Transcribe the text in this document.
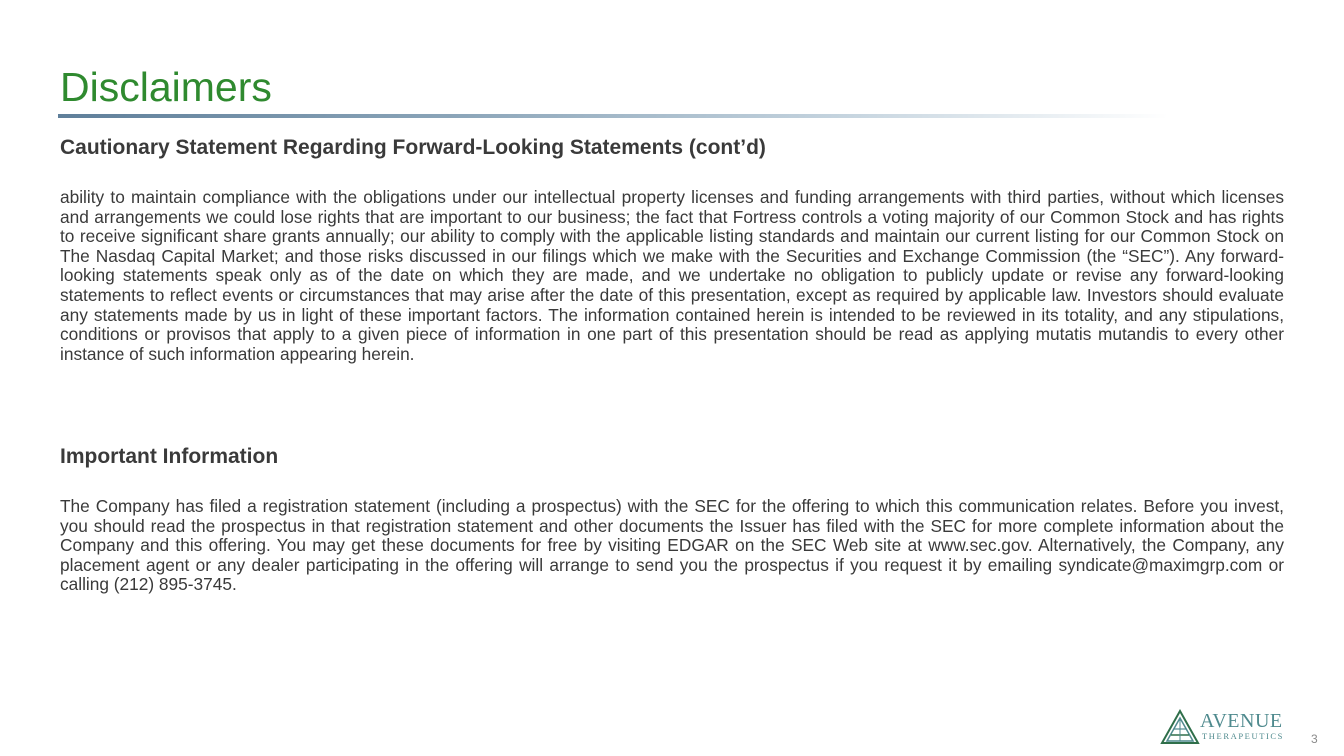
Disclaimers
Cautionary Statement Regarding Forward-Looking Statements (cont’d)

ability to maintain compliance with the obligations under our intellectual property licenses and funding arrangements with third parties, without which licenses and arrangements we could lose rights that are important to our business; the fact that Fortress controls a voting majority of our Common Stock and has rights to receive significant share grants annually; our ability to comply with the applicable listing standards and maintain our current listing for our Common Stock on The Nasdaq Capital Market; and those risks discussed in our filings which we make with the Securities and Exchange Commission (the “SEC”). Any forward-looking statements speak only as of the date on which they are made, and we undertake no obligation to publicly update or revise any forward-looking statements to reflect events or circumstances that may arise after the date of this presentation, except as required by applicable law. Investors should evaluate any statements made by us in light of these important factors. The information contained herein is intended to be reviewed in its totality, and any stipulations, conditions or provisos that apply to a given piece of information in one part of this presentation should be read as applying mutatis mutandis to every other instance of such information appearing herein.

Important Information

The Company has filed a registration statement (including a prospectus) with the SEC for the offering to which this communication relates. Before you invest, you should read the prospectus in that registration statement and other documents the Issuer has filed with the SEC for more complete information about the Company and this offering. You may get these documents for free by visiting EDGAR on the SEC Web site at www.sec.gov. Alternatively, the Company, any placement agent or any dealer participating in the offering will arrange to send you the prospectus if you request it by emailing syndicate@maximgrp.com or calling (212) 895-3745.

AVENUE
THERAPEUTICS 3
